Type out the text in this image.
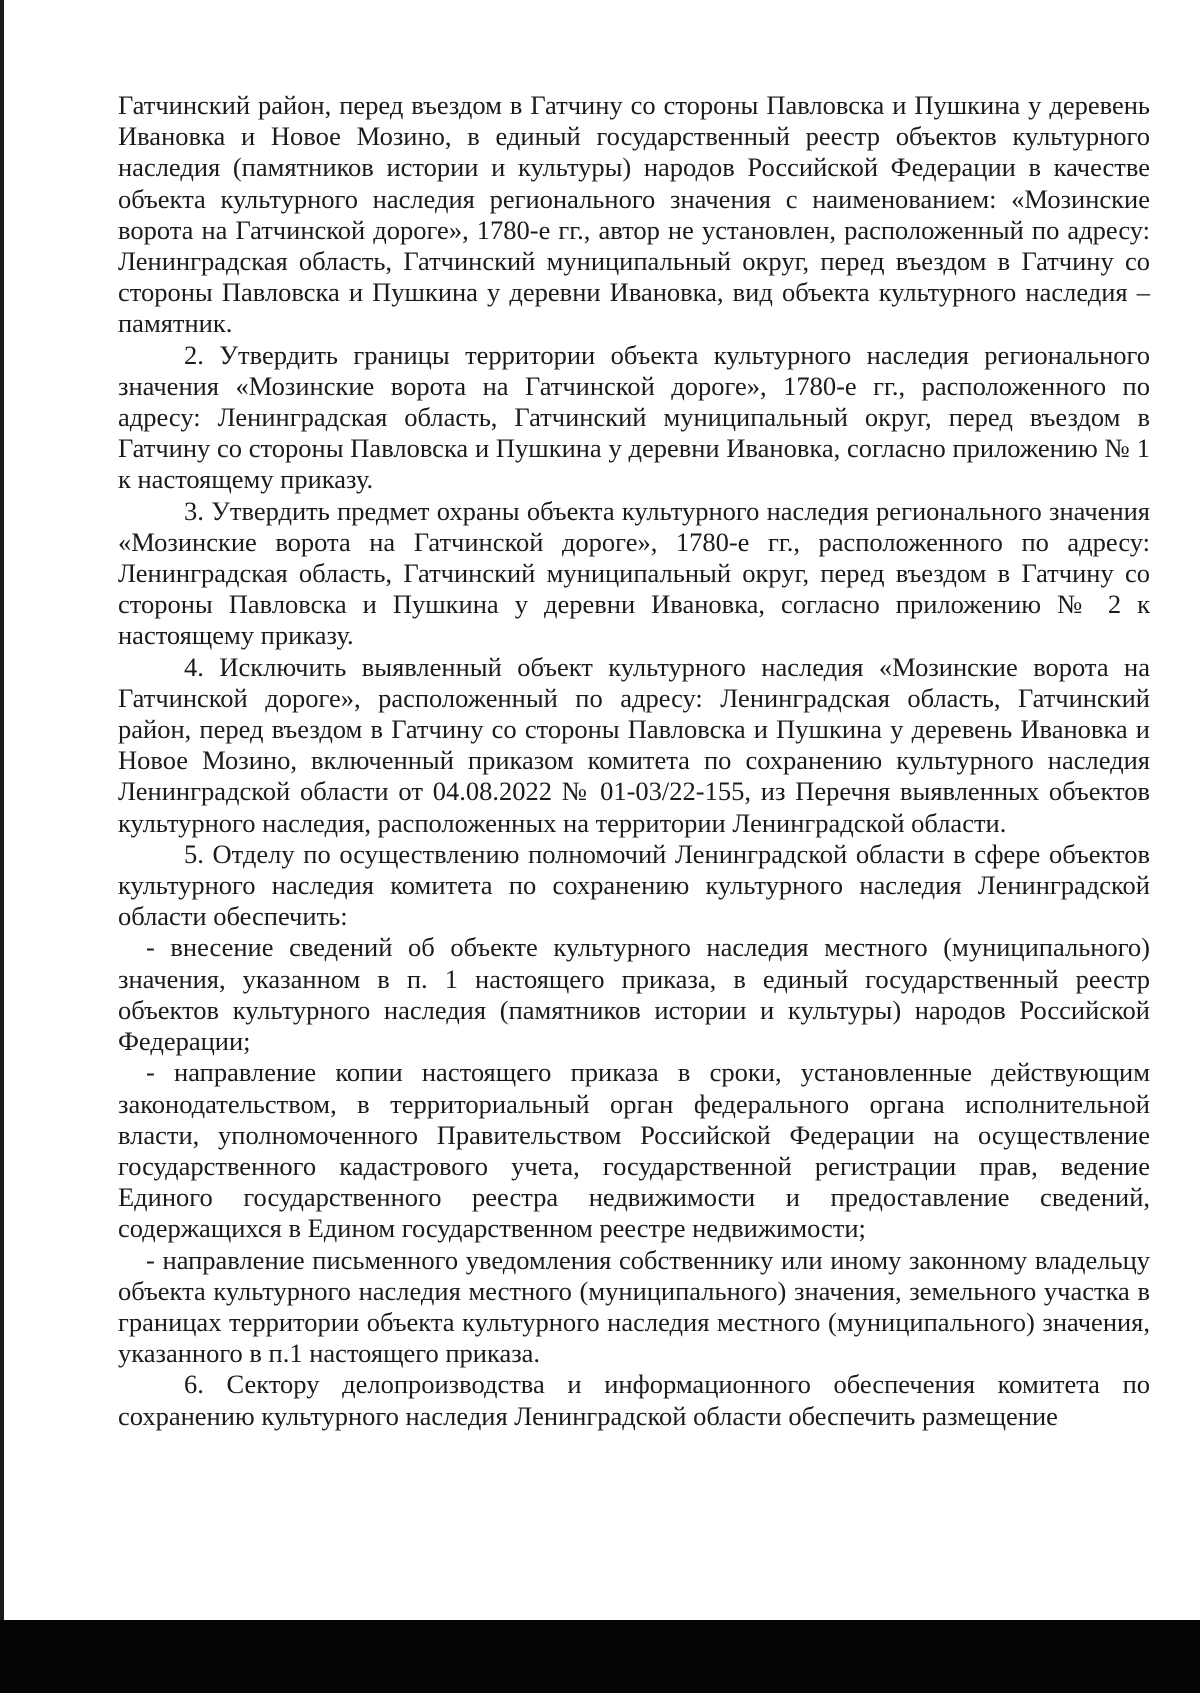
Гатчинский район, перед въездом в Гатчину со стороны Павловска и Пушкина у деревень Ивановка и Новое Мозино, в единый государственный реестр объектов культурного наследия (памятников истории и культуры) народов Российской Федерации в качестве объекта культурного наследия регионального значения с наименованием: «Мозинские ворота на Гатчинской дороге», 1780-е гг., автор не установлен, расположенный по адресу: Ленинградская область, Гатчинский муниципальный округ, перед въездом в Гатчину со стороны Павловска и Пушкина у деревни Ивановка, вид объекта культурного наследия – памятник.

2. Утвердить границы территории объекта культурного наследия регионального значения «Мозинские ворота на Гатчинской дороге», 1780-е гг., расположенного по адресу: Ленинградская область, Гатчинский муниципальный округ, перед въездом в Гатчину со стороны Павловска и Пушкина у деревни Ивановка, согласно приложению № 1 к настоящему приказу.

3. Утвердить предмет охраны объекта культурного наследия регионального значения «Мозинские ворота на Гатчинской дороге», 1780-е гг., расположенного по адресу: Ленинградская область, Гатчинский муниципальный округ, перед въездом в Гатчину со стороны Павловска и Пушкина у деревни Ивановка, согласно приложению № 2 к настоящему приказу.

4. Исключить выявленный объект культурного наследия «Мозинские ворота на Гатчинской дороге», расположенный по адресу: Ленинградская область, Гатчинский район, перед въездом в Гатчину со стороны Павловска и Пушкина у деревень Ивановка и Новое Мозино, включенный приказом комитета по сохранению культурного наследия Ленинградской области от 04.08.2022 № 01-03/22-155, из Перечня выявленных объектов культурного наследия, расположенных на территории Ленинградской области.

5. Отделу по осуществлению полномочий Ленинградской области в сфере объектов культурного наследия комитета по сохранению культурного наследия Ленинградской области обеспечить:

- внесение сведений об объекте культурного наследия местного (муниципального) значения, указанном в п. 1 настоящего приказа, в единый государственный реестр объектов культурного наследия (памятников истории и культуры) народов Российской Федерации;

- направление копии настоящего приказа в сроки, установленные действующим законодательством, в территориальный орган федерального органа исполнительной власти, уполномоченного Правительством Российской Федерации на осуществление государственного кадастрового учета, государственной регистрации прав, ведение Единого государственного реестра недвижимости и предоставление сведений, содержащихся в Едином государственном реестре недвижимости;

- направление письменного уведомления собственнику или иному законному владельцу объекта культурного наследия местного (муниципального) значения, земельного участка в границах территории объекта культурного наследия местного (муниципального) значения, указанного в п.1 настоящего приказа.

6. Сектору делопроизводства и информационного обеспечения комитета по сохранению культурного наследия Ленинградской области обеспечить размещение
